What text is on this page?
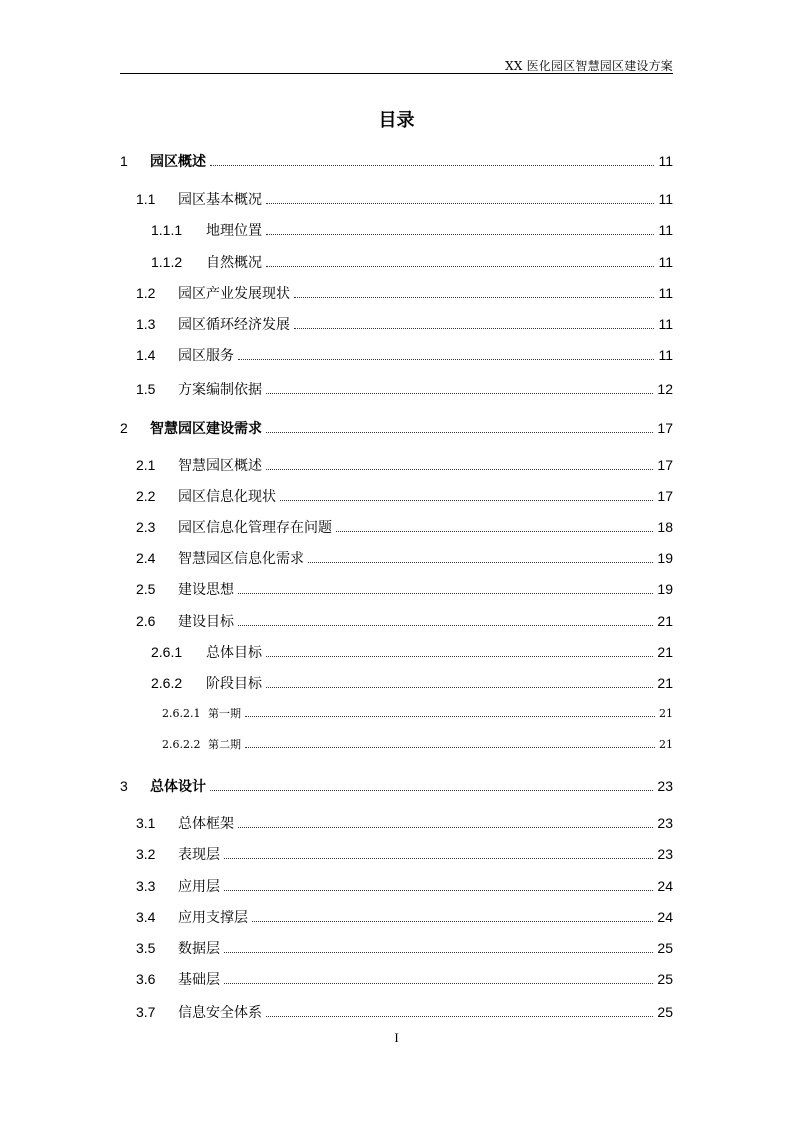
XX 医化园区智慧园区建设方案
目录
1	园区概述	11
1.1	园区基本概况	11
1.1.1	地理位置	11
1.1.2	自然概况	11
1.2	园区产业发展现状	11
1.3	园区循环经济发展	11
1.4	园区服务	11
1.5	方案编制依据	12
2	智慧园区建设需求	17
2.1	智慧园区概述	17
2.2	园区信息化现状	17
2.3	园区信息化管理存在问题	18
2.4	智慧园区信息化需求	19
2.5	建设思想	19
2.6	建设目标	21
2.6.1	总体目标	21
2.6.2	阶段目标	21
2.6.2.1 第一期	21
2.6.2.2 第二期	21
3	总体设计	23
3.1	总体框架	23
3.2	表现层	23
3.3	应用层	24
3.4	应用支撑层	24
3.5	数据层	25
3.6	基础层	25
3.7	信息安全体系	25
I
